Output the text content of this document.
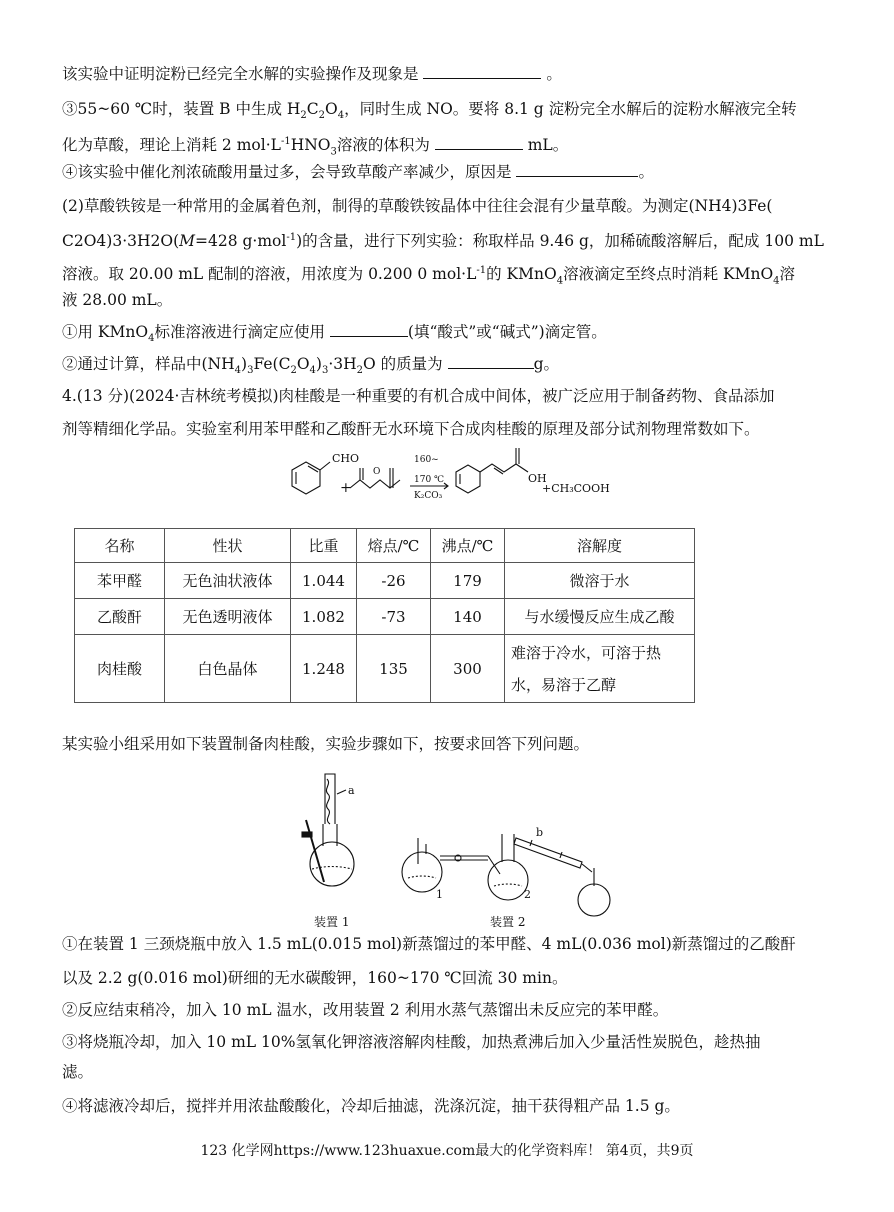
该实验中证明淀粉已经完全水解的实验操作及现象是	。
③55~60 ℃时，装置 B 中生成 $H_2C_2O_4$，同时生成 NO。要将 8.1 g 淀粉完全水解后的淀粉水解液完全转
化为草酸，理论上消耗 2 $mol\cdot L^{-1}HNO_3$溶液的体积为	mL。
④该实验中催化剂浓硫酸用量过多，会导致草酸产率减少，原因是	。
(2)草酸铁铵是一种常用的金属着色剂，制得的草酸铁铵晶体中往往会混有少量草酸。为测定(NH4)3Fe(
C2O4)3·3H2O(M=428 g·mol$^{-1}$)的含量，进行下列实验：称取样品 9.46 g，加稀硫酸溶解后，配成 100 mL
溶液。取 20.00 mL 配制的溶液，用浓度为 0.200 0 $mol\cdot L^{-1}$的 KMnO$_4$溶液滴定至终点时消耗 KMnO$_4$溶
液 28.00 mL。
①用 KMnO$_4$标准溶液进行滴定应使用	(填“酸式”或“碱式”)滴定管。
②通过计算，样品中$(NH_4)_3Fe(C_2O_4)_3\cdot 3H_2O$ 的质量为	g。
4.(13 分)(2024·吉林统考模拟)肉桂酸是一种重要的有机合成中间体，被广泛应用于制备药物、食品添加
剂等精细化学品。实验室利用苯甲醛和乙酸酐无水环境下合成肉桂酸的原理及部分试剂物理常数如下。
CHO
+
O
160~
170 ℃
K₂CO₃
OH
+CH₃COOH
名称	性状	比重	熔点/℃	沸点/℃	溶解度
苯甲醛	无色油状液体	1.044	-26	179	微溶于水
乙酸酐	无色透明液体	1.082	-73	140	与水缓慢反应生成乙酸
肉桂酸	白色晶体	1.248	135	300	难溶于冷水，可溶于热水，易溶于乙醇
某实验小组采用如下装置制备肉桂酸，实验步骤如下，按要求回答下列问题。
a
b
1	2
装置 1	装置 2
①在装置 1 三颈烧瓶中放入 1.5 mL(0.015 mol)新蒸馏过的苯甲醛、4 mL(0.036 mol)新蒸馏过的乙酸酐
以及 2.2 g(0.016 mol)研细的无水碳酸钾，160~170 ℃回流 30 min。
②反应结束稍冷，加入 10 mL 温水，改用装置 2 利用水蒸气蒸馏出未反应完的苯甲醛。
③将烧瓶冷却，加入 10 mL 10%氢氧化钾溶液溶解肉桂酸，加热煮沸后加入少量活性炭脱色，趁热抽
滤。
④将滤液冷却后，搅拌并用浓盐酸酸化，冷却后抽滤，洗涤沉淀，抽干获得粗产品 1.5 g。
123 化学网https://www.123huaxue.com最大的化学资料库！ 第4页，共9页
